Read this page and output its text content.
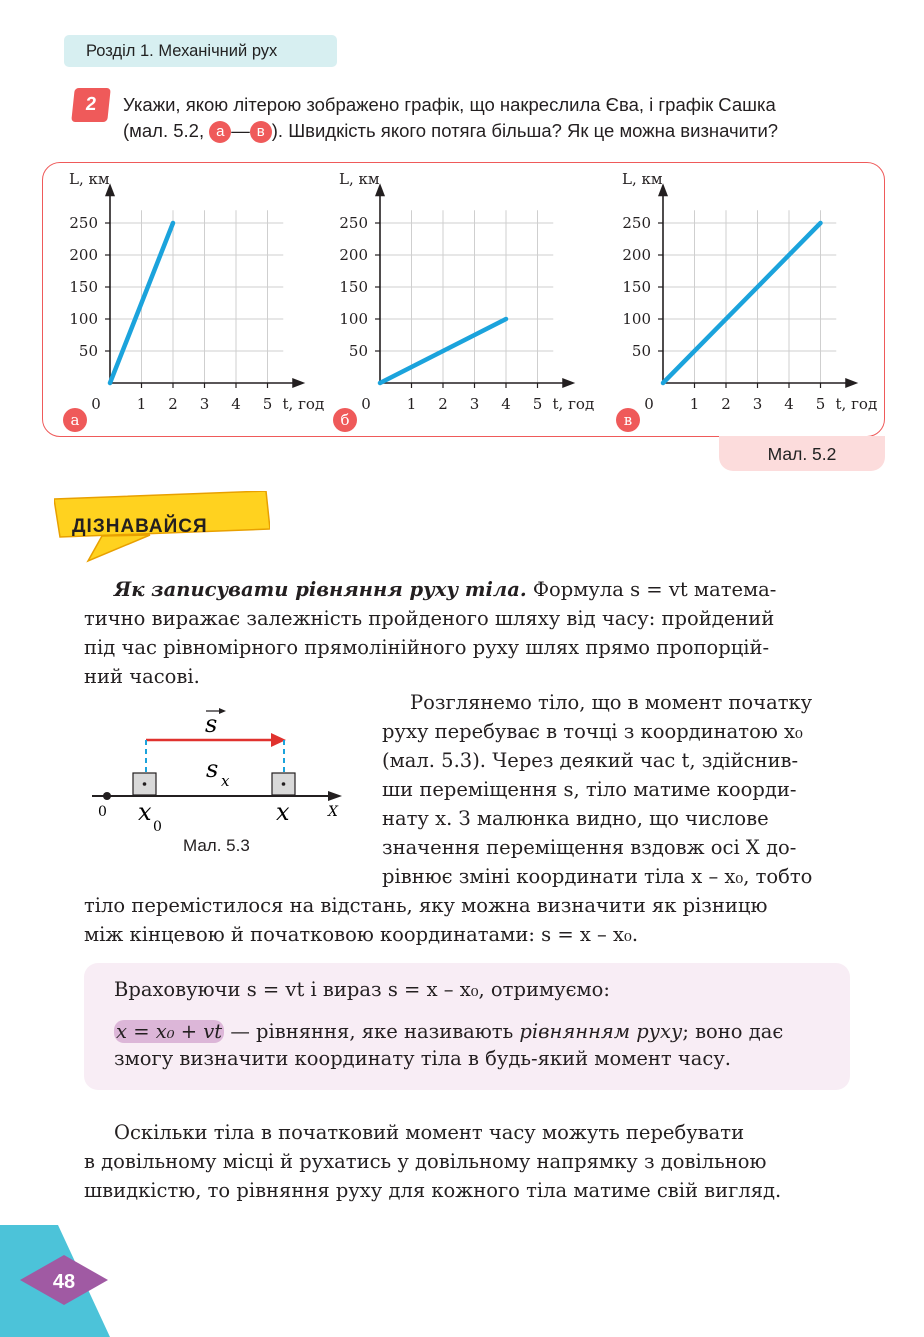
Розділ 1. Механічний рух
2	Укажи, якою літерою зображено графік, що накреслила Єва, і графік Сашка
(мал. 5.2, а — в ). Швидкість якого потяга більша? Як це можна визначити?
250
200
150
100
50
0 1 2 3 4 5
L, км
t, год
а
250
200
150
100
50
0 1 2 3 4 5
L, км
t, год
б
250
200
150
100
50
0 1 2 3 4 5
L, км
t, год
в
Мал. 5.2
ДІЗНАВАЙСЯ
Як записувати рівняння руху тіла. Формула s = vt матема-
тично виражає залежність пройденого шляху від часу: пройдений
під час рівномірного прямолінійного руху шлях прямо пропорцій-
ний часові.
s
s x
0 x
0
x	X
Мал. 5.3
Розглянемо тіло, що в момент початку
руху перебуває в точці з координатою x₀
(мал. 5.3). Через деякий час t, здійснив-
ши переміщення s, тіло матиме коорди-
нату x. З малюнка видно, що числове
значення переміщення вздовж осі X до-
рівнює зміні координати тіла x – x₀, тобто
тіло перемістилося на відстань, яку можна визначити як різницю
між кінцевою й початковою координатами: s = x – x₀.
Враховуючи s = vt і вираз s = x – x₀, отримуємо:
x = x₀ + vt — рівняння, яке називають рівнянням руху; воно дає
змогу визначити координату тіла в будь-який момент часу.
Оскільки тіла в початковий момент часу можуть перебувати
в довільному місці й рухатись у довільному напрямку з довільною
швидкістю, то рівняння руху для кожного тіла матиме свій вигляд.
48
